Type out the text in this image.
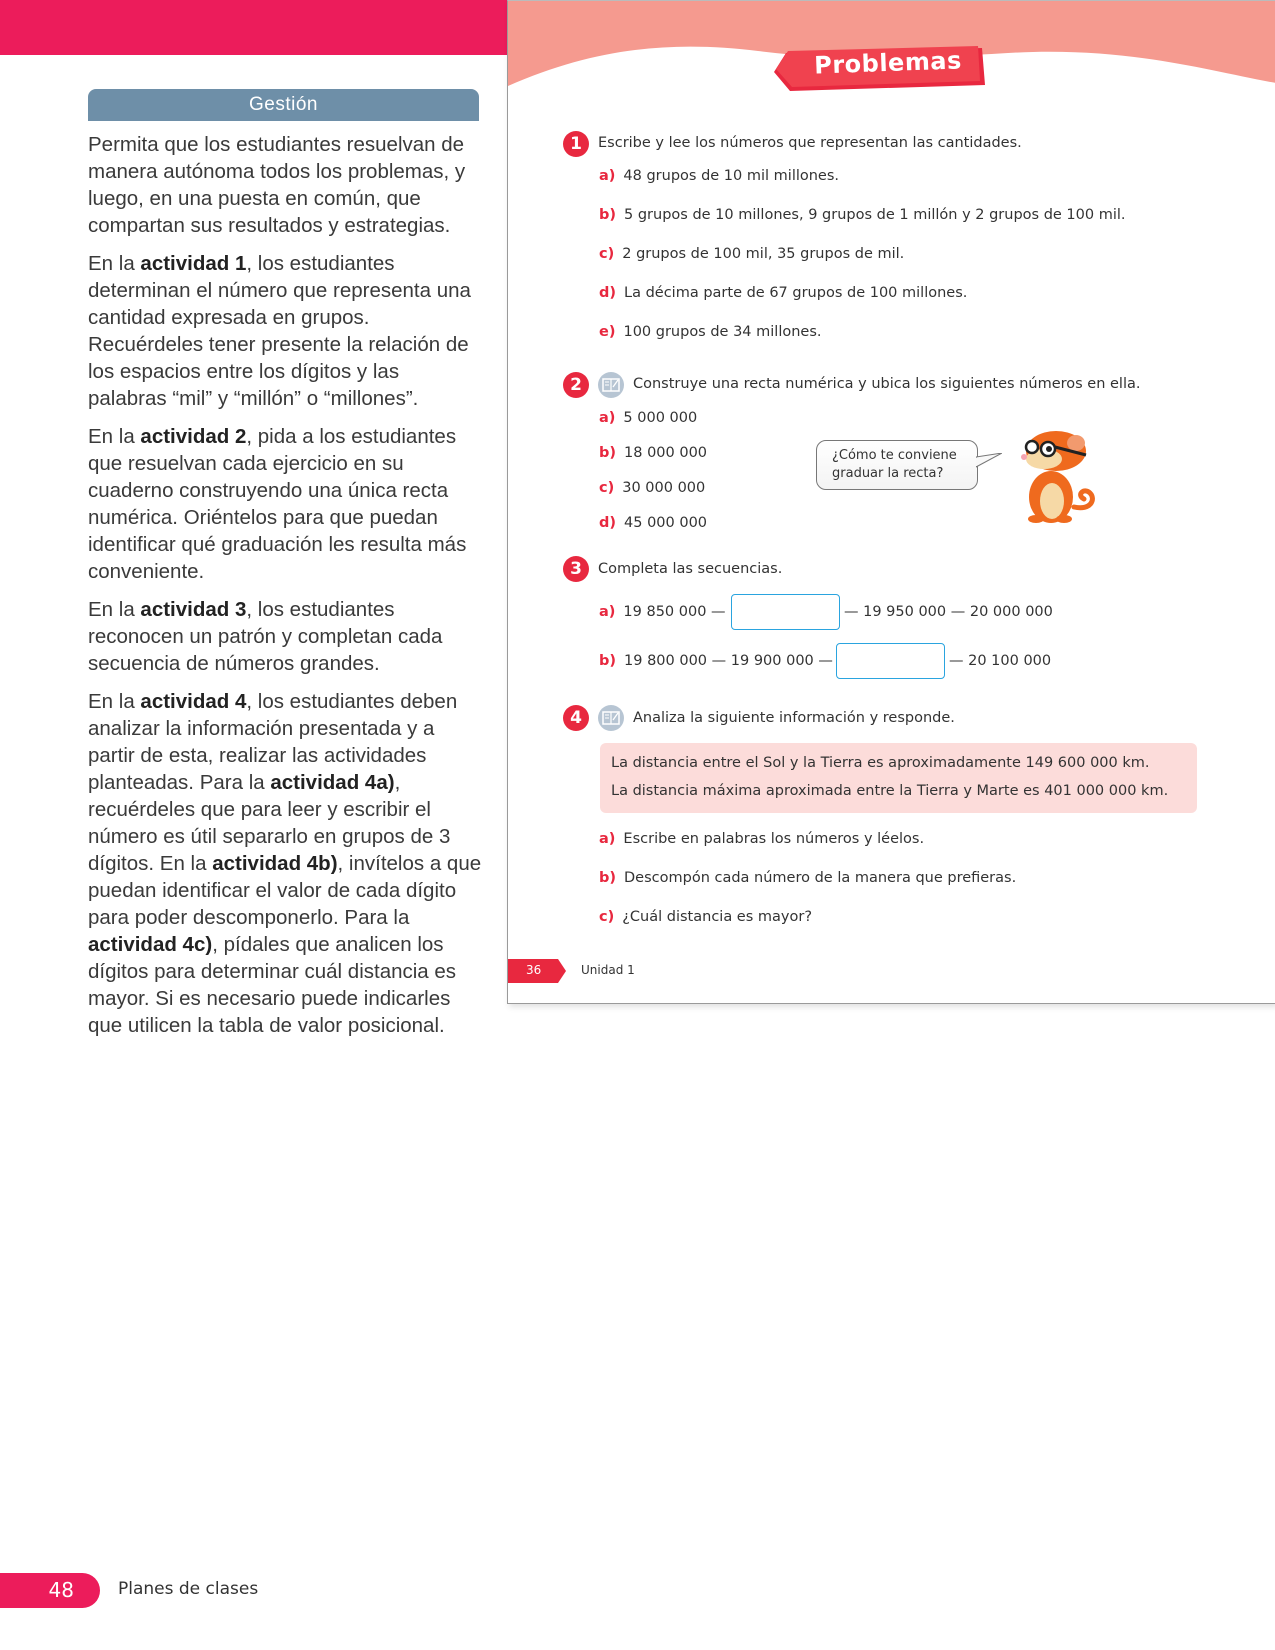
Gestión

Permita que los estudiantes resuelvan de manera autónoma todos los problemas, y luego, en una puesta en común, que compartan sus resultados y estrategias.

En la actividad 1, los estudiantes determinan el número que representa una cantidad expresada en grupos. Recuérdeles tener presente la relación de los espacios entre los dígitos y las palabras “mil” y “millón” o “millones”.

En la actividad 2, pida a los estudiantes que resuelvan cada ejercicio en su cuaderno construyendo una única recta numérica. Oriéntelos para que puedan identificar qué graduación les resulta más conveniente.

En la actividad 3, los estudiantes reconocen un patrón y completan cada secuencia de números grandes.

En la actividad 4, los estudiantes deben analizar la información presentada y a partir de esta, realizar las actividades planteadas. Para la actividad 4a), recuérdeles que para leer y escribir el número es útil separarlo en grupos de 3 dígitos. En la actividad 4b), invítelos a que puedan identificar el valor de cada dígito para poder descomponerlo. Para la actividad 4c), pídales que analicen los dígitos para determinar cuál distancia es mayor. Si es necesario puede indicarles que utilicen la tabla de valor posicional.

Problemas
1	Escribe y lee los números que representan las cantidades.
a) 48 grupos de 10 mil millones.
b) 5 grupos de 10 millones, 9 grupos de 1 millón y 2 grupos de 100 mil.
c) 2 grupos de 100 mil, 35 grupos de mil.
d) La décima parte de 67 grupos de 100 millones.
e) 100 grupos de 34 millones.
2	Construye una recta numérica y ubica los siguientes números en ella.
a) 5 000 000
b) 18 000 000
c) 30 000 000
d) 45 000 000
¿Cómo te conviene
graduar la recta?
3	Completa las secuencias.
a) 19 850 000 —	— 19 950 000 — 20 000 000
b) 19 800 000 — 19 900 000 —	— 20 100 000
4	Analiza la siguiente información y responde.
La distancia entre el Sol y la Tierra es aproximadamente 149 600 000 km.
La distancia máxima aproximada entre la Tierra y Marte es 401 000 000 km.
a) Escribe en palabras los números y léelos.
b) Descompón cada número de la manera que prefieras.
c) ¿Cuál distancia es mayor?
36	Unidad 1
48	Planes de clases
